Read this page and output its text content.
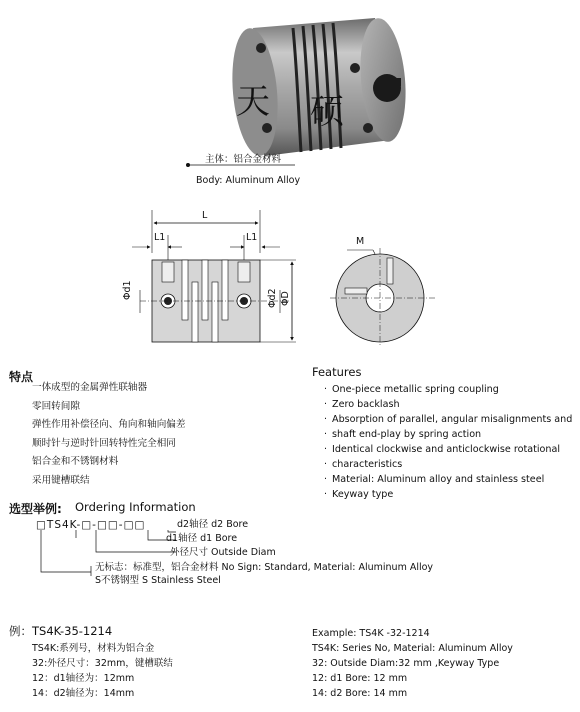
天 硕
主体：铝合金材料
Body: Aluminum Alloy
L
L1	L1
Φd1	Φd2 ΦD
M
特点
一体成型的金属弹性联轴器
零回转间隙
弹性作用补偿径向、角向和轴向偏差
顺时针与逆时针回转特性完全相同
铝合金和不锈钢材料
采用键槽联结
Features
· One-piece metallic spring coupling
· Zero backlash
· Absorption of parallel, angular misalignments and
· shaft end-play by spring action
· Identical clockwise and anticlockwise rotational
· characteristics
· Material: Aluminum alloy and stainless steel
· Keyway type
选型举例: Ordering Information
□TS4K-□-□□-□□	d2轴径 d2 Bore
d1轴径 d1 Bore
外径尺寸 Outside Diam
无标志：标准型，铝合金材料 No Sign: Standard, Material: Aluminum Alloy
S不锈钢型 S Stainless Steel
例：TS4K-35-1214
TS4K:系列号，材料为铝合金
32:外径尺寸：32mm，键槽联结
12：d1轴径为：12mm
14：d2轴径为：14mm
Example: TS4K -32-1214
TS4K: Series No, Material: Aluminum Alloy
32: Outside Diam:32 mm ,Keyway Type
12: d1 Bore: 12 mm
14: d2 Bore: 14 mm
